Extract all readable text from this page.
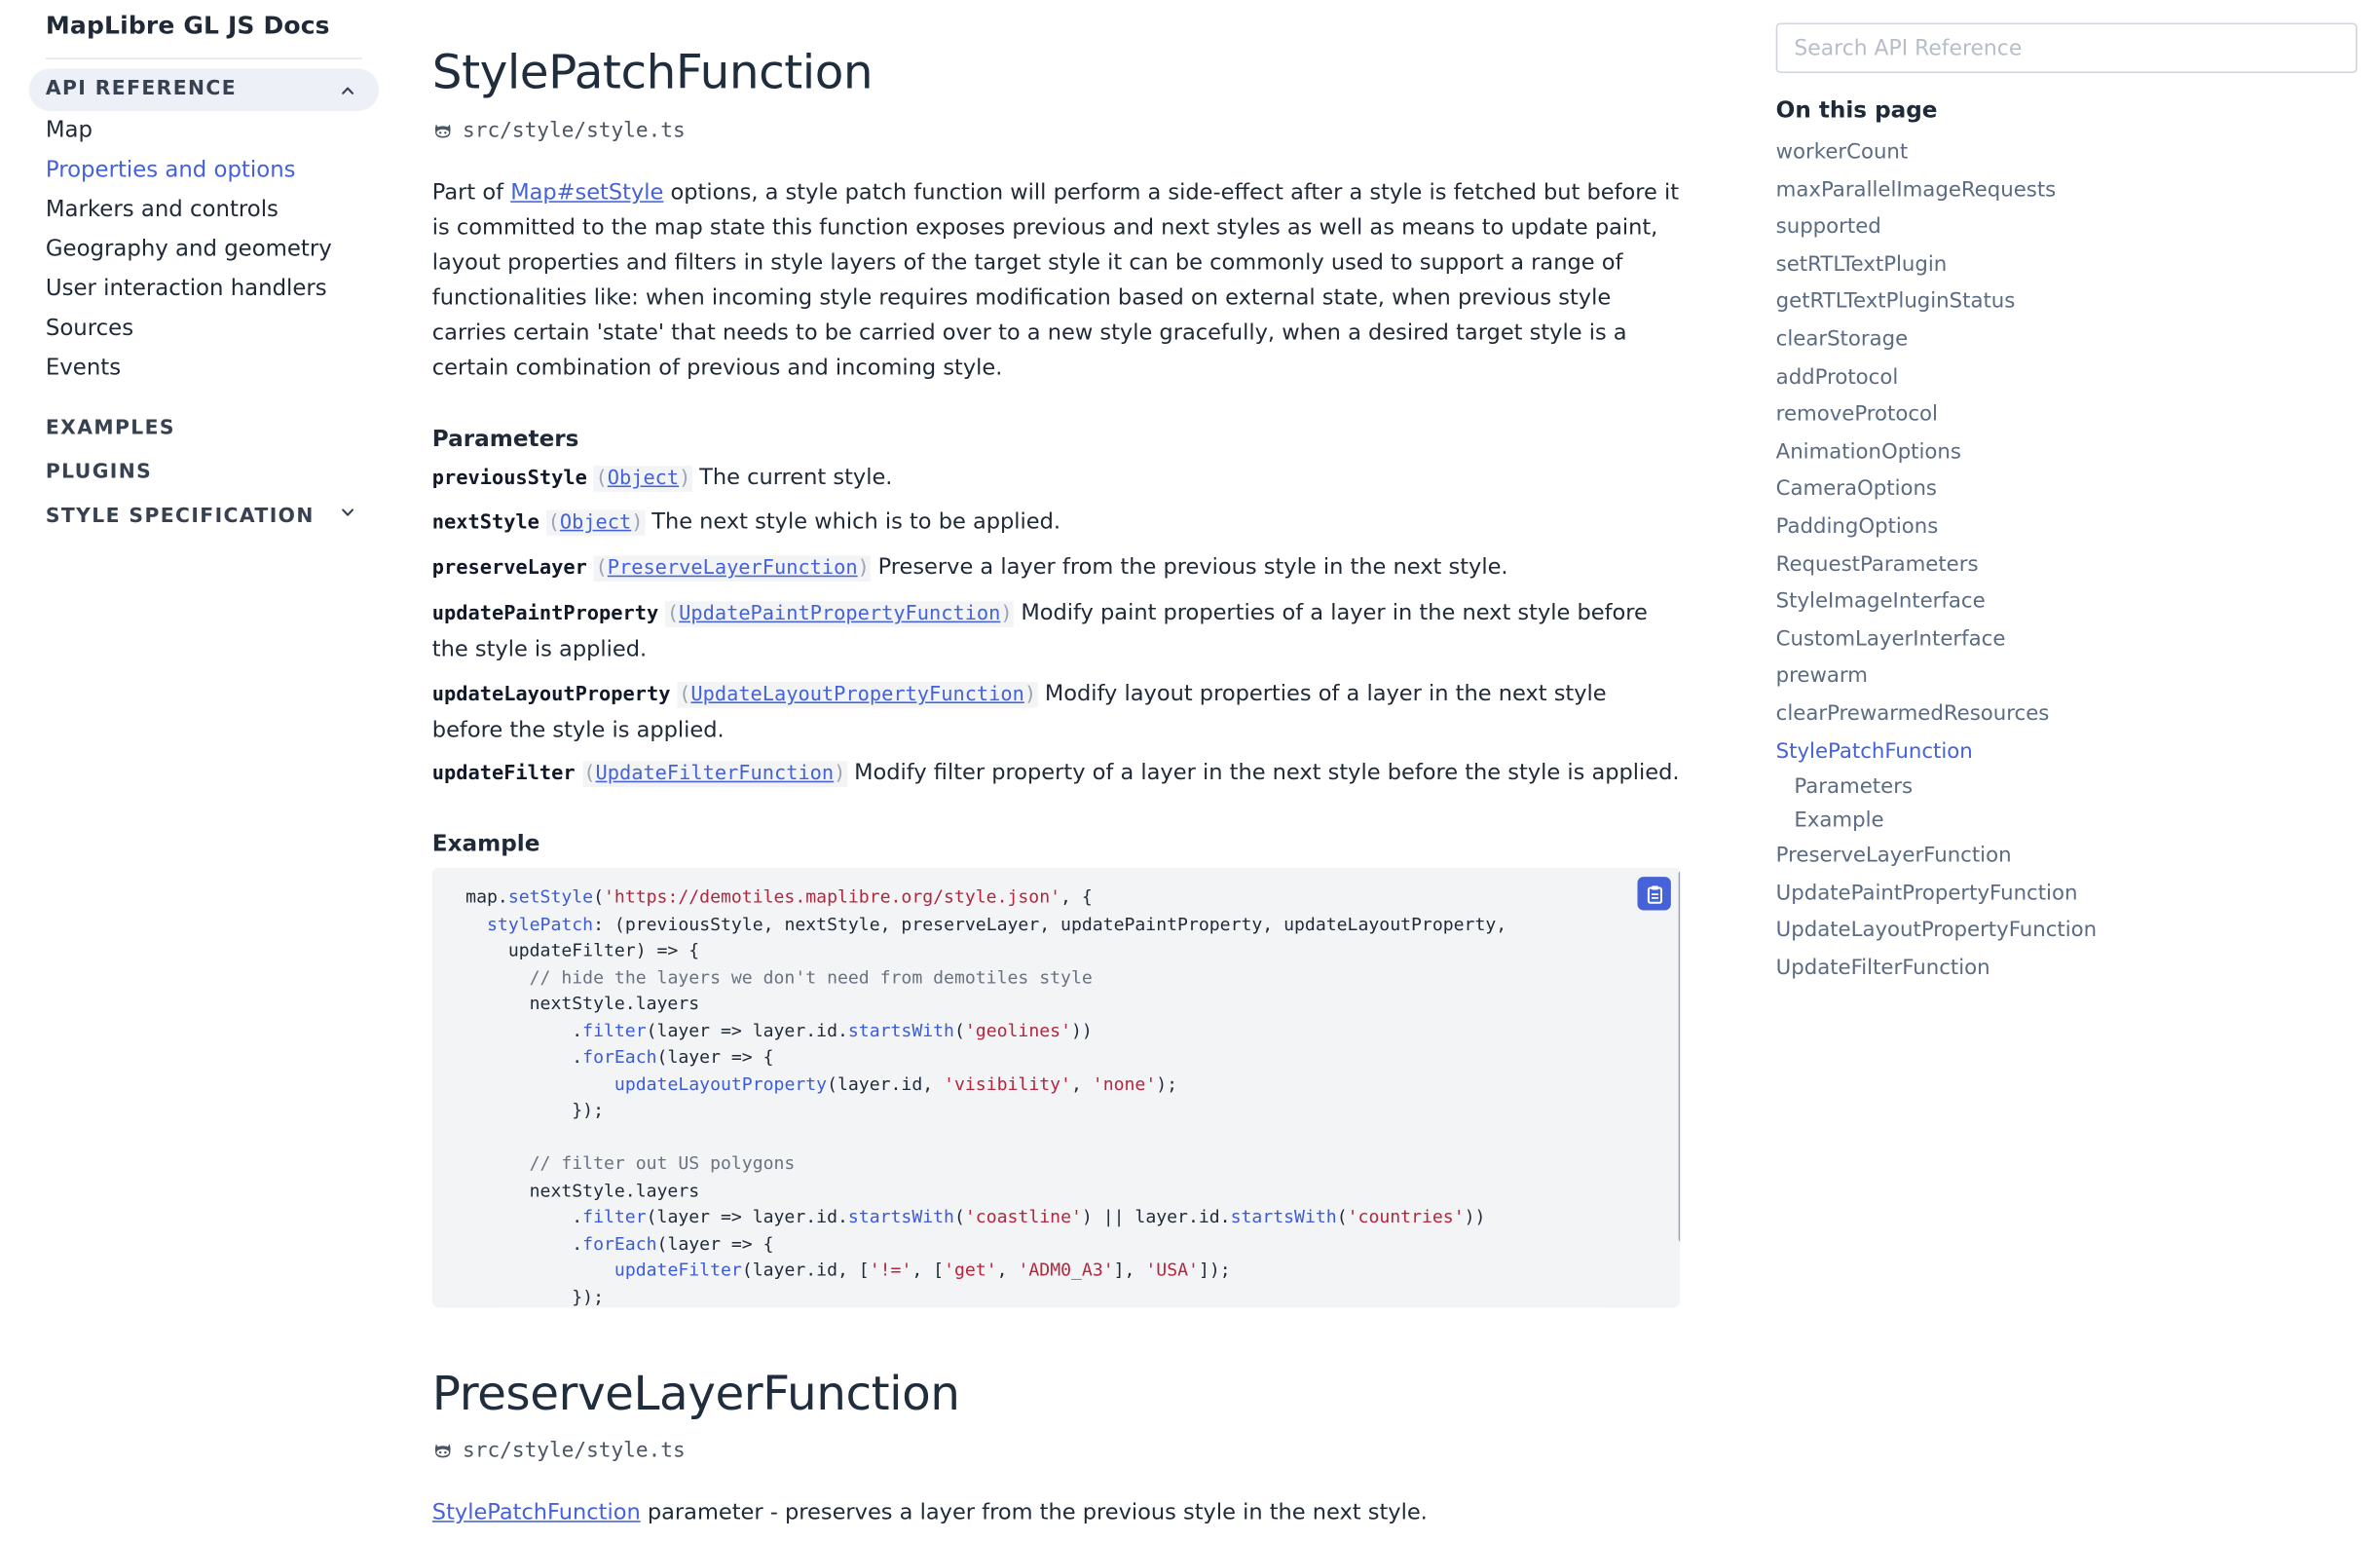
MapLibre GL JS Docs
API REFERENCE
Map
Properties and options
Markers and controls
Geography and geometry
User interaction handlers
Sources
Events
EXAMPLES
PLUGINS
STYLE SPECIFICATION
StylePatchFunction
src/style/style.ts

Part of Map#setStyle options, a style patch function will perform a side-effect after a style is fetched but before it is committed to the map state this function exposes previous and next styles as well as means to update paint, layout properties and filters in style layers of the target style it can be commonly used to support a range of functionalities like: when incoming style requires modification based on external state, when previous style carries certain 'state' that needs to be carried over to a new style gracefully, when a desired target style is a certain combination of previous and incoming style.

Parameters
previousStyle (Object) The current style.
nextStyle (Object) The next style which is to be applied.
preserveLayer (PreserveLayerFunction) Preserve a layer from the previous style in the next style.
updatePaintProperty (UpdatePaintPropertyFunction) Modify paint properties of a layer in the next style before the style is applied.
updateLayoutProperty (UpdateLayoutPropertyFunction) Modify layout properties of a layer in the next style before the style is applied.
updateFilter (UpdateFilterFunction) Modify filter property of a layer in the next style before the style is applied.
Example
map.setStyle('https://demotiles.maplibre.org/style.json', {
stylePatch: (previousStyle, nextStyle, preserveLayer, updatePaintProperty, updateLayoutProperty,
updateFilter) => {
// hide the layers we don't need from demotiles style
nextStyle.layers
.filter(layer => layer.id.startsWith('geolines'))
.forEach(layer => {
updateLayoutProperty(layer.id, 'visibility', 'none');
});
// filter out US polygons
nextStyle.layers
.filter(layer => layer.id.startsWith('coastline') || layer.id.startsWith('countries'))
.forEach(layer => {
updateFilter(layer.id, ['!=', ['get', 'ADM0_A3'], 'USA']);
});
PreserveLayerFunction
src/style/style.ts

StylePatchFunction parameter - preserves a layer from the previous style in the next style.

Search API Reference
On this page
workerCount
maxParallelImageRequests
supported
setRTLTextPlugin
getRTLTextPluginStatus
clearStorage
addProtocol
removeProtocol
AnimationOptions
CameraOptions
PaddingOptions
RequestParameters
StyleImageInterface
CustomLayerInterface
prewarm
clearPrewarmedResources
StylePatchFunction
Parameters
Example
PreserveLayerFunction
UpdatePaintPropertyFunction
UpdateLayoutPropertyFunction
UpdateFilterFunction
